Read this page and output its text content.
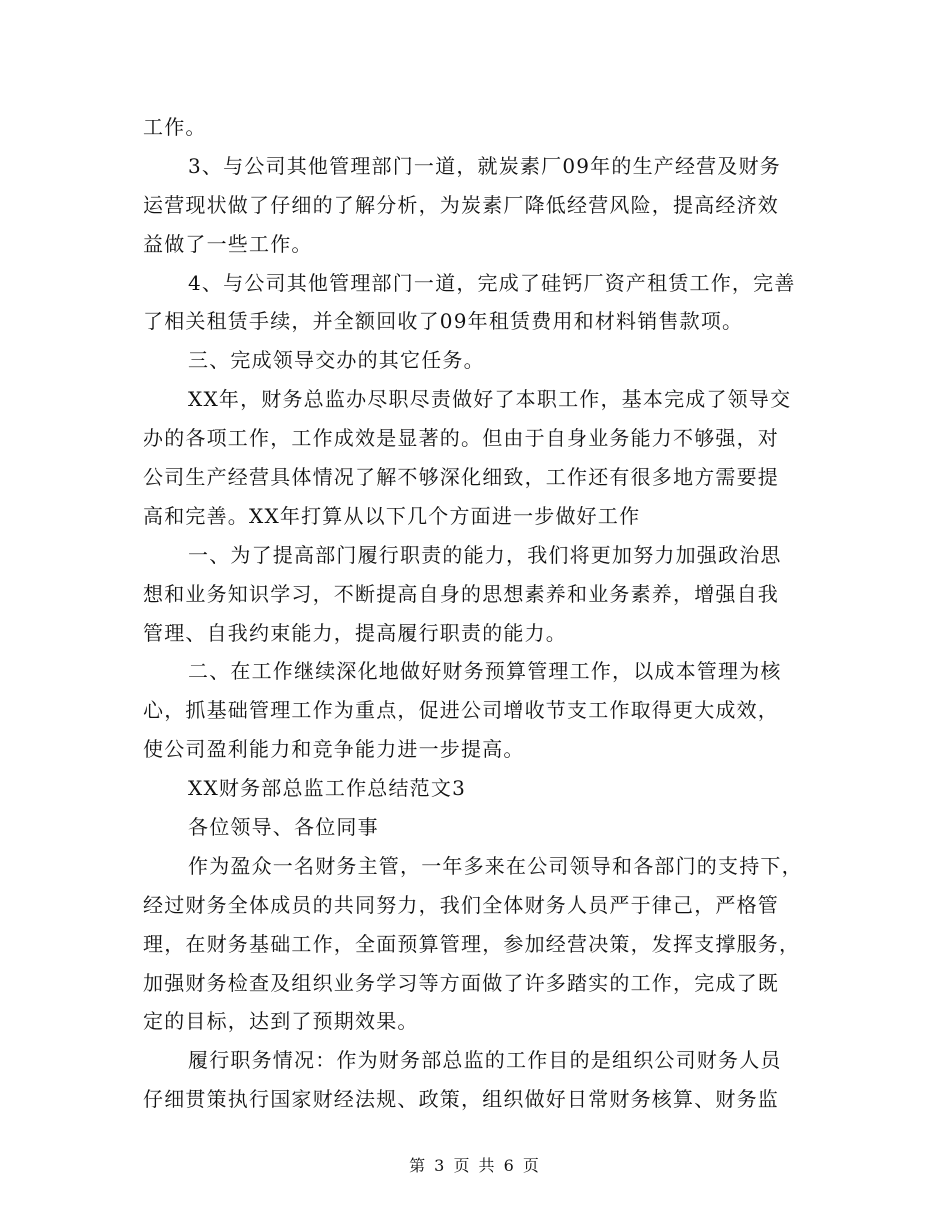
工作。
3、与公司其他管理部门一道，就炭素厂09年的生产经营及财务
运营现状做了仔细的了解分析，为炭素厂降低经营风险，提高经济效
益做了一些工作。
4、与公司其他管理部门一道，完成了硅钙厂资产租赁工作，完善
了相关租赁手续，并全额回收了09年租赁费用和材料销售款项。
三、完成领导交办的其它任务。
XX年，财务总监办尽职尽责做好了本职工作，基本完成了领导交
办的各项工作，工作成效是显著的。但由于自身业务能力不够强，对
公司生产经营具体情况了解不够深化细致，工作还有很多地方需要提
高和完善。XX年打算从以下几个方面进一步做好工作
一、为了提高部门履行职责的能力，我们将更加努力加强政治思
想和业务知识学习，不断提高自身的思想素养和业务素养，增强自我
管理、自我约束能力，提高履行职责的能力。
二、在工作继续深化地做好财务预算管理工作，以成本管理为核
心，抓基础管理工作为重点，促进公司增收节支工作取得更大成效，
使公司盈利能力和竞争能力进一步提高。
XX财务部总监工作总结范文3
各位领导、各位同事
作为盈众一名财务主管，一年多来在公司领导和各部门的支持下，
经过财务全体成员的共同努力，我们全体财务人员严于律己，严格管
理，在财务基础工作，全面预算管理，参加经营决策，发挥支撑服务，
加强财务检查及组织业务学习等方面做了许多踏实的工作，完成了既
定的目标，达到了预期效果。
履行职务情况：作为财务部总监的工作目的是组织公司财务人员
仔细贯策执行国家财经法规、政策，组织做好日常财务核算、财务监
第 3 页 共 6 页
